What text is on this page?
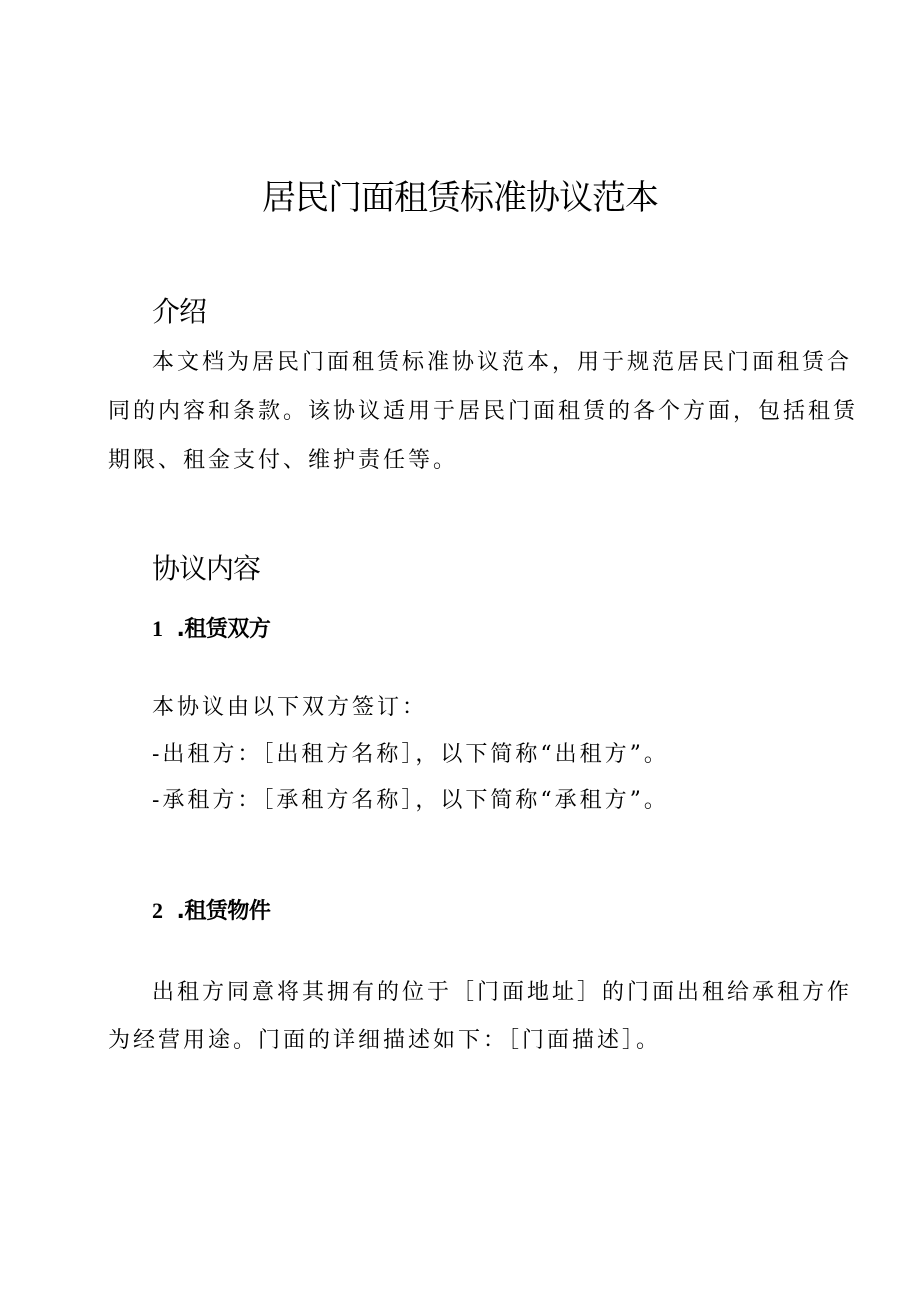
居民门面租赁标准协议范本
介绍

本文档为居民门面租赁标准协议范本，用于规范居民门面租赁合

同的内容和条款。该协议适用于居民门面租赁的各个方面，包括租赁

期限、租金支付、维护责任等。

协议内容
1 .租赁双方

本协议由以下双方签订：

-出租方：［出租方名称］，以下简称“出租方”。

-承租方：［承租方名称］，以下简称“承租方”。

2 .租赁物件

出租方同意将其拥有的位于［门面地址］的门面出租给承租方作

为经营用途。门面的详细描述如下：［门面描述］。
